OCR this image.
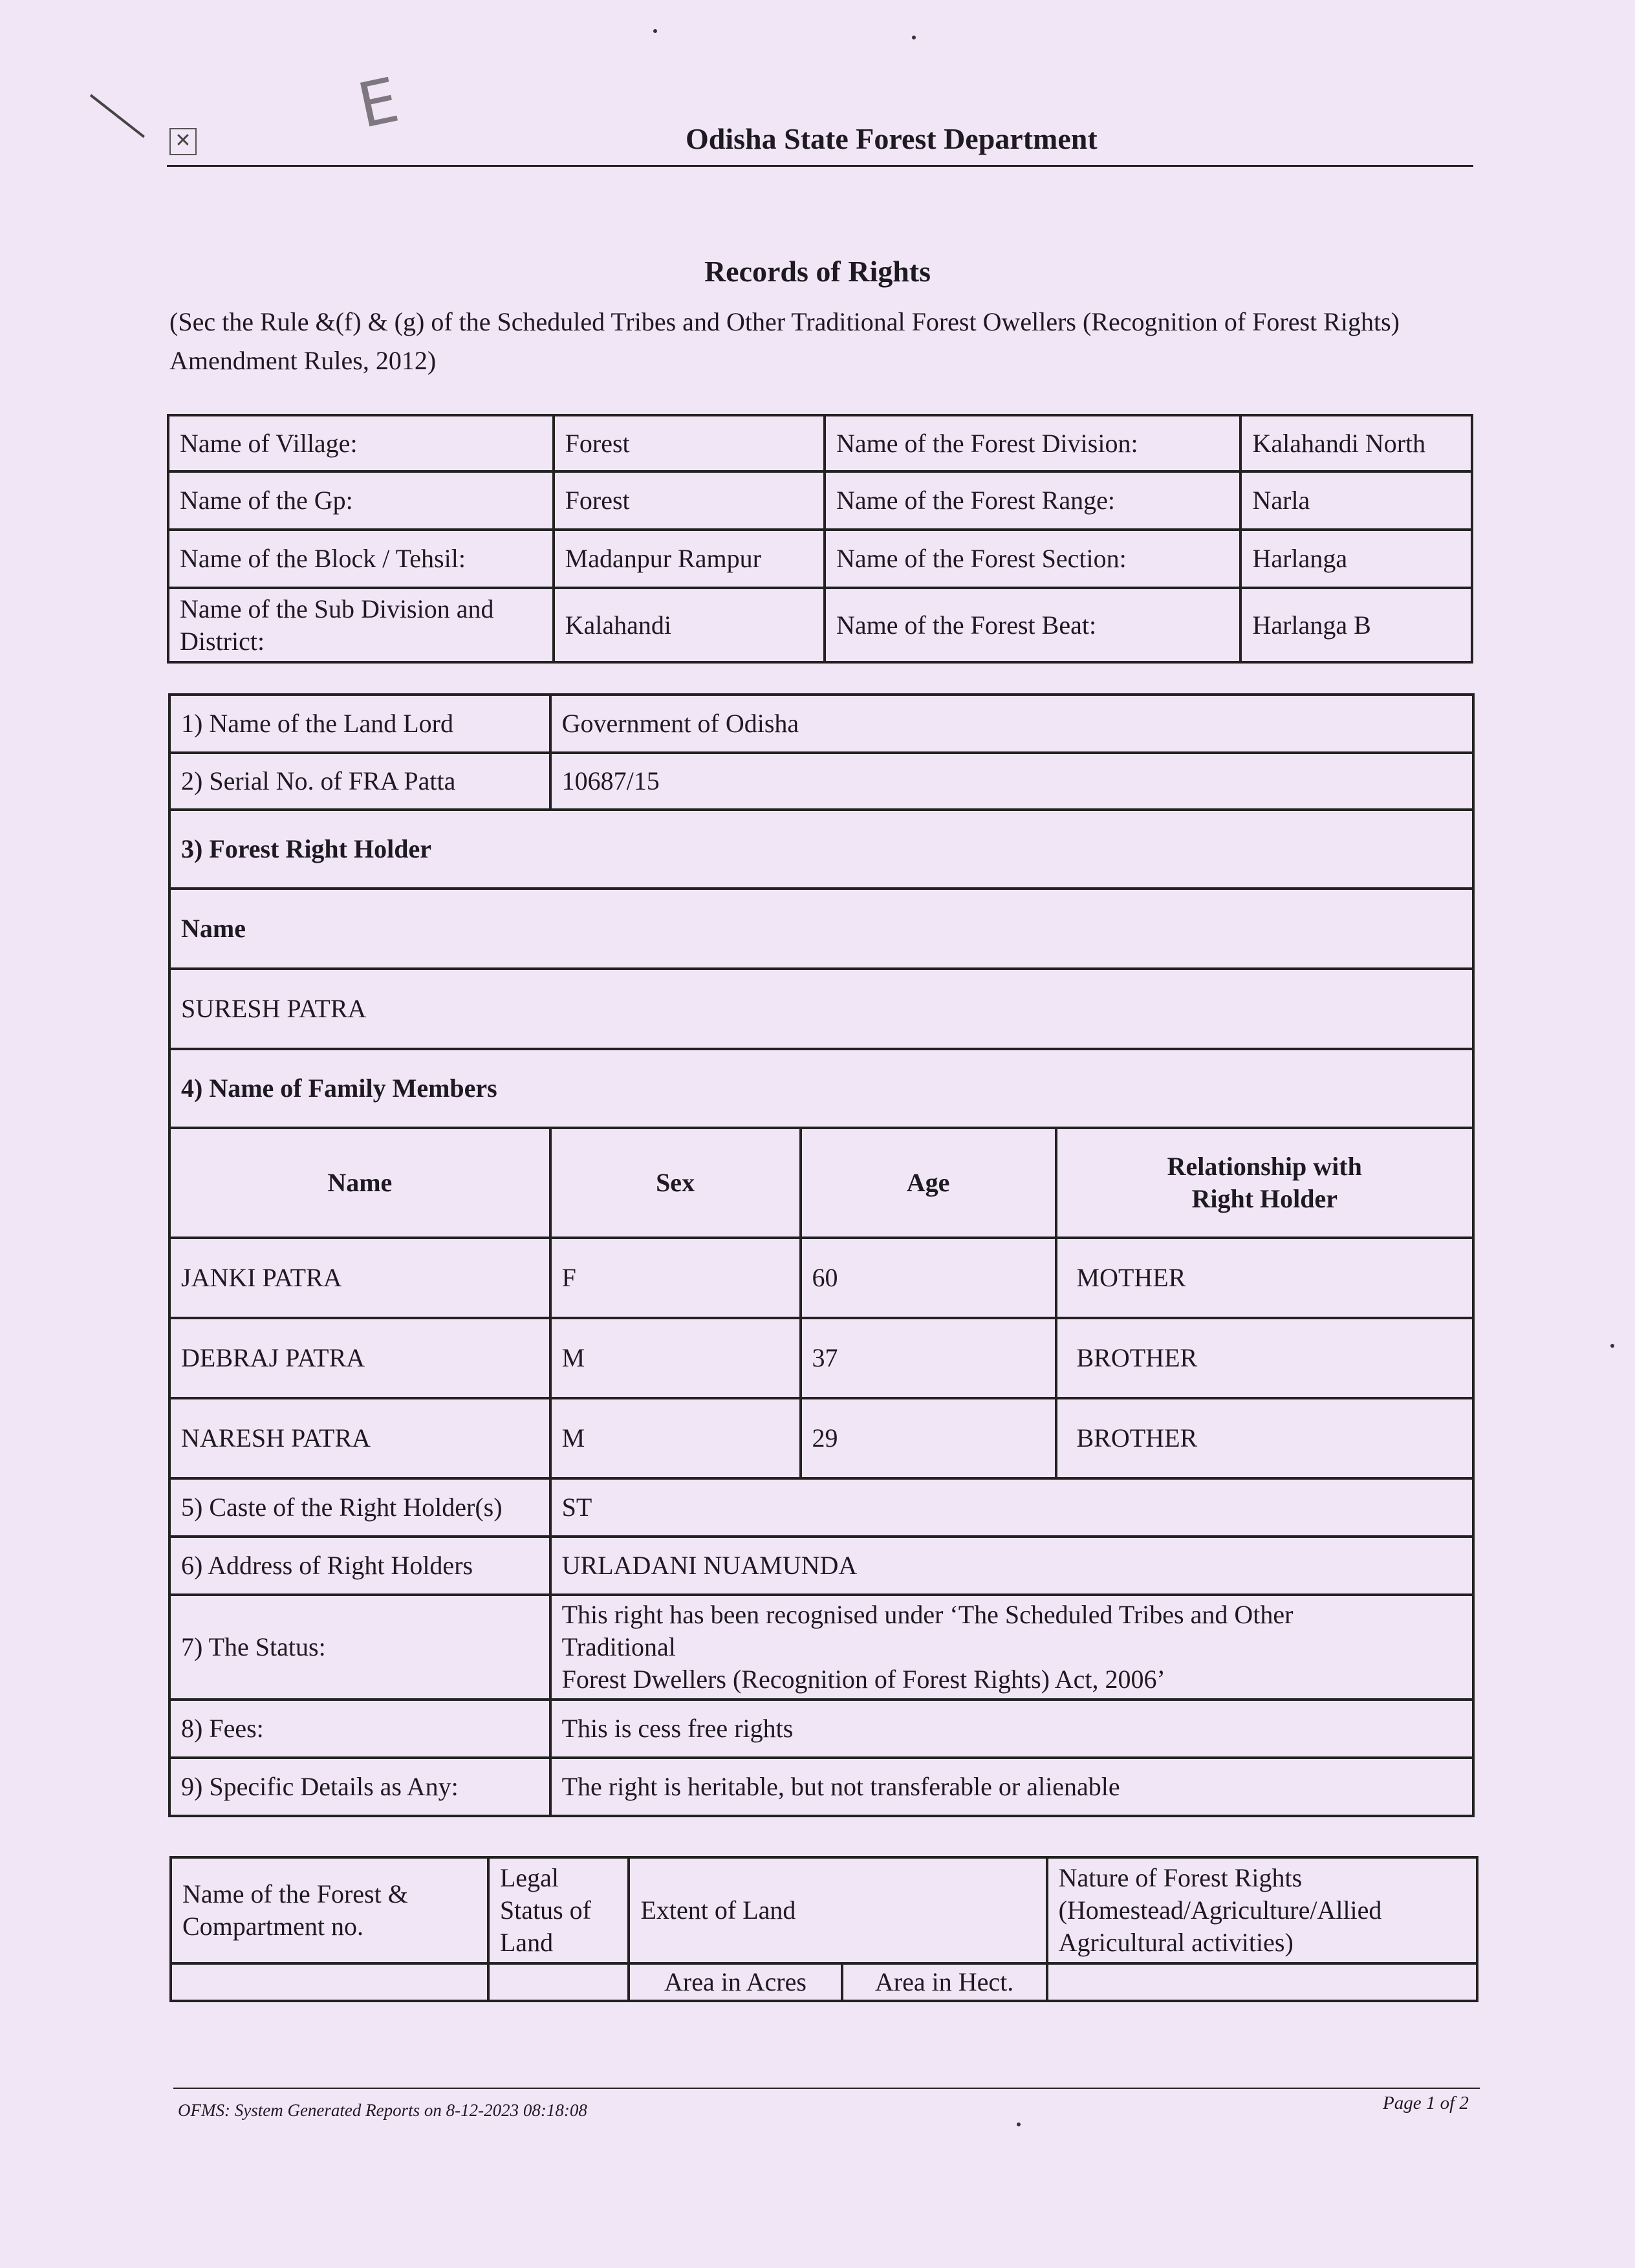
E
✕	Odisha State Forest Department
Records of Rights
(Sec the Rule &(f) & (g) of the Scheduled Tribes and Other Traditional Forest Owellers (Recognition of Forest Rights) Amendment Rules, 2012)
Name of Village:	Forest	Name of the Forest Division:	Kalahandi North
Name of the Gp:	Forest	Name of the Forest Range:	Narla
Name of the Block / Tehsil:	Madanpur Rampur	Name of the Forest Section:	Harlanga
Name of the Sub Division and District:	Kalahandi	Name of the Forest Beat:	Harlanga B
1) Name of the Land Lord	Government of Odisha		
2) Serial No. of FRA Patta	10687/15		
3) Forest Right Holder			
Name			
SURESH PATRA			
4) Name of Family Members			
Name	Sex	Age	Relationship with Right Holder
JANKI PATRA	F	60	MOTHER
DEBRAJ PATRA	M	37	BROTHER
NARESH PATRA	M	29	BROTHER
5) Caste of the Right Holder(s)	ST		
6) Address of Right Holders	URLADANI NUAMUNDA		
7) The Status:	This right has been recognised under ‘The Scheduled Tribes and Other Traditional
Forest Dwellers (Recognition of Forest Rights) Act, 2006’		

8) Fees:	This is cess free rights		
9) Specific Details as Any:	The right is heritable, but not transferable or alienable		
Name of the Forest & Compartment no.	Legal Status of Land	Extent of Land		Nature of Forest Rights (Homestead/Agriculture/Allied Agricultural activities)
		Area in Acres	Area in Hect.	
OFMS: System Generated Reports on 8-12-2023 08:18:08	Page 1 of 2
